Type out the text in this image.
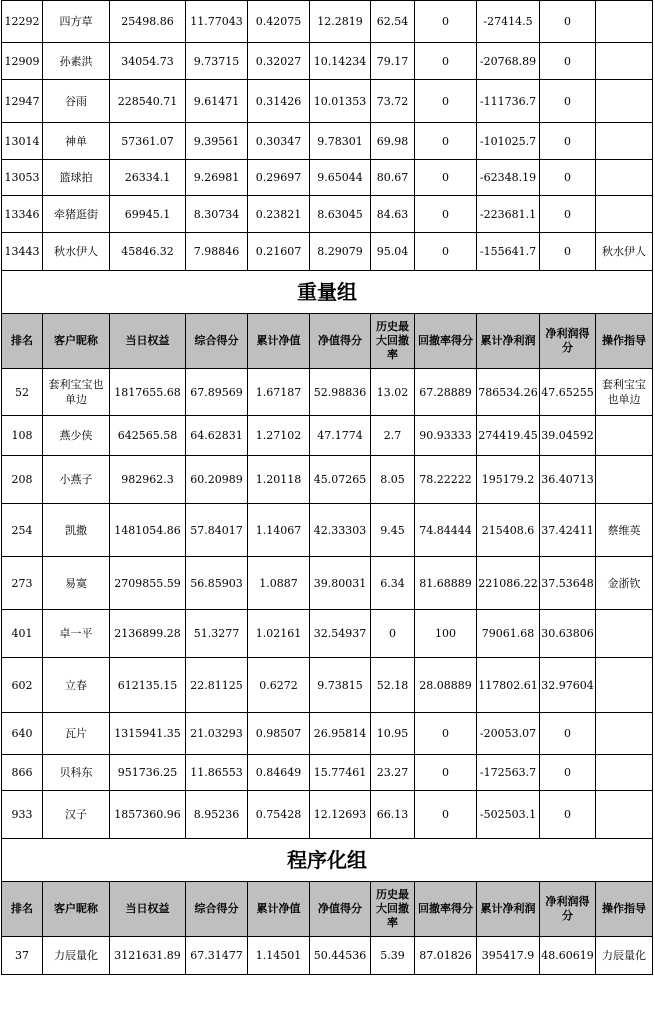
12292	四方草	25498.86	11.77043	0.42075	12.2819	62.54	0	-27414.5	0	
12909	孙素洪	34054.73	9.73715	0.32027	10.14234	79.17	0	-20768.89	0	
12947	谷雨	228540.71	9.61471	0.31426	10.01353	73.72	0	-111736.7	0	
13014	神单	57361.07	9.39561	0.30347	9.78301	69.98	0	-101025.7	0	
13053	篮球拍	26334.1	9.26981	0.29697	9.65044	80.67	0	-62348.19	0	
13346	牵猪逛街	69945.1	8.30734	0.23821	8.63045	84.63	0	-223681.1	0	
13443	秋水伊人	45846.32	7.98846	0.21607	8.29079	95.04	0	-155641.7	0	秋水伊人
重量组										
排名	客户昵称	当日权益	综合得分	累计净值	净值得分	历史最大回撤率	回撤率得分	累计净利润	净利润得分	操作指导
52	套利宝宝也单边	1817655.68	67.89569	1.67187	52.98836	13.02	67.28889	786534.26	47.65255	套利宝宝也单边
108	燕少侠	642565.58	64.62831	1.27102	47.1774	2.7	90.93333	274419.45	39.04592	
208	小燕子	982962.3	60.20989	1.20118	45.07265	8.05	78.22222	195179.2	36.40713	
254	凯撒	1481054.86	57.84017	1.14067	42.33303	9.45	74.84444	215408.6	37.42411	蔡维英
273	易寞	2709855.59	56.85903	1.0887	39.80031	6.34	81.68889	221086.22	37.53648	金浙钦
401	卓一平	2136899.28	51.3277	1.02161	32.54937	0	100	79061.68	30.63806	
602	立春	612135.15	22.81125	0.6272	9.73815	52.18	28.08889	117802.61	32.97604	
640	瓦片	1315941.35	21.03293	0.98507	26.95814	10.95	0	-20053.07	0	
866	贝科东	951736.25	11.86553	0.84649	15.77461	23.27	0	-172563.7	0	
933	汉子	1857360.96	8.95236	0.75428	12.12693	66.13	0	-502503.1	0	
程序化组										
排名	客户昵称	当日权益	综合得分	累计净值	净值得分	历史最大回撤率	回撤率得分	累计净利润	净利润得分	操作指导
37	力辰量化	3121631.89	67.31477	1.14501	50.44536	5.39	87.01826	395417.9	48.60619	力辰量化
